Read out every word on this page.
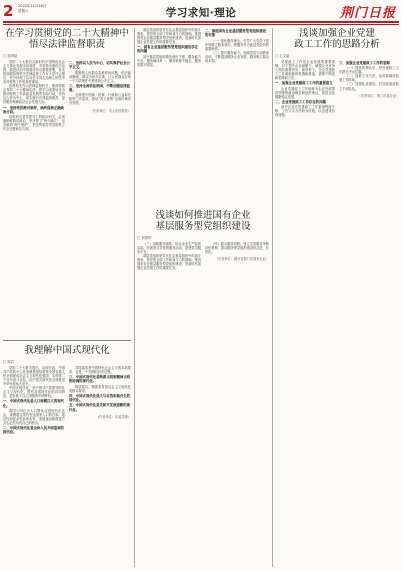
2 2022年11月26日
星期六	学习求知·理论	荆门日报
在学习贯彻党的二十大精神中
悟尽法律监督职责
□ 邹世斌

党的二十大报告从新时代中国特色社会主义事业发展全局高度，对坚持全面依法治国、推进法治中国建设作出重要部署，首次将加强检察机关法律监督工作写入党代会报告，充分体现了以习近平同志为核心的党中央对检察工作的高度重视。

检察机关作为法律监督机关，要深刻领会党的二十大精神实质，把学习成果转化为推动检察工作高质量发展的实际行动，坚持以人民为中心，切实履行法律监督职责，更好服务保障经济社会发展大局。

一、坚持党的绝对领导，始终保持正确政治方向。

检察机关是党领导下的政治机关，必须旗帜鲜明讲政治，坚决捍卫“两个确立”，坚决做到“两个维护”，把党的领导贯穿检察工作全过程和各方面。

二、坚持以人民为中心，切实维护社会公平正义。

要聚焦人民群众急难愁盼问题，依法能动履职，做实为民办实事，让人民群众在每一个司法案件中感受到公平正义。

三、坚持全面依法治国，不断加强法律监督。

全面提升刑事、民事、行政和公益诉讼检察工作质效，推动“四大检察”全面协调充分发展。

（作者单位：市人民检察院）

我理解中国式现代化
□ 陈武

党的二十大报告提出，从现在起，中国共产党的中心任务就是团结带领全国各族人民全面建成社会主义现代化强国、实现第二个百年奋斗目标，以中国式现代化全面推进中华民族伟大复兴。

中国式现代化，是中国共产党领导的社会主义现代化，既有各国现代化的共同特征，更有基于自己国情的中国特色。

一、中国式现代化是人口规模巨大的现代化。

我国十四亿多人口整体迈进现代化社会，规模超过现有发达国家人口的总和，艰巨性和复杂性前所未有，发展途径和推进方式也必然具有自己的特点。

二、中国式现代化是全体人民共同富裕的现代化。

共同富裕是中国特色社会主义的本质要求，也是一个长期的历史过程。

三、中国式现代化是物质文明和精神文明相协调的现代化。

物质富足、精神富有是社会主义现代化的根本要求。

四、中国式现代化是人与自然和谐共生的现代化。

五、中国式现代化是走和平发展道路的现代化。

（作者单位：市委党校）

基层党组织是党在社会基层组织中的战斗堡垒，是党的全部工作和战斗力的基础。推进国有企业基层服务型党组织建设，是新时代加强企业党建工作的重要任务。

一、国有企业基层服务型党组织建设存在的问题

部分基层党组织服务意识不强，服务能力不足，服务载体单一，服务机制不健全，服务效果不明显。

二、推进国有企业基层服务型党组织建设的对策

（一）强化服务理念。引导广大党员干部牢固树立服务意识，把服务作为基层党组织的重要职责。

（二）提升服务能力。加强党员干部教育培训，不断提高服务企业发展、服务职工群众的本领。

浅谈如何推进国有企业
基层服务型党组织建设
□ 李国华

（三）创新服务载体。结合企业生产经营实际，开展形式多样的服务活动，搭建党员服务平台。

基层党组织是党在社会基层组织中的战斗堡垒，是党的全部工作和战斗力的基础。推进国有企业基层服务型党组织建设，是新时代加强企业党建工作的重要任务。

（四）健全服务机制。建立完善服务考核评价机制，推动服务型党组织建设常态化、长效化。

（作者单位：湖北省荆门市国有企业）

浅谈加强企业党建
政工工作的思路分析
□ 王文斌

党建政工工作是企业发展的重要保障，对于提升企业凝聚力、增强企业竞争力具有重要作用。新形势下，企业党建政工工作面临新的机遇和挑战，需要不断创新思路和方法。

一、加强企业党建政工工作的重要意义

企业党建政工工作能够为企业发展提供坚强的政治保证和组织保证，促进企业健康稳定发展。

二、企业党建政工工作存在的问题

部分企业对党建政工工作重视程度不够，工作方式方法较为传统，队伍建设有待加强。

三、加强企业党建政工工作的思路

（一）提高思想认识，把党建政工工作摆在突出位置。

（二）创新工作方法，运用新媒体拓展工作阵地。

（三）加强队伍建设，打造高素质政工干部队伍。

（作者单位：荆门市某企业）
